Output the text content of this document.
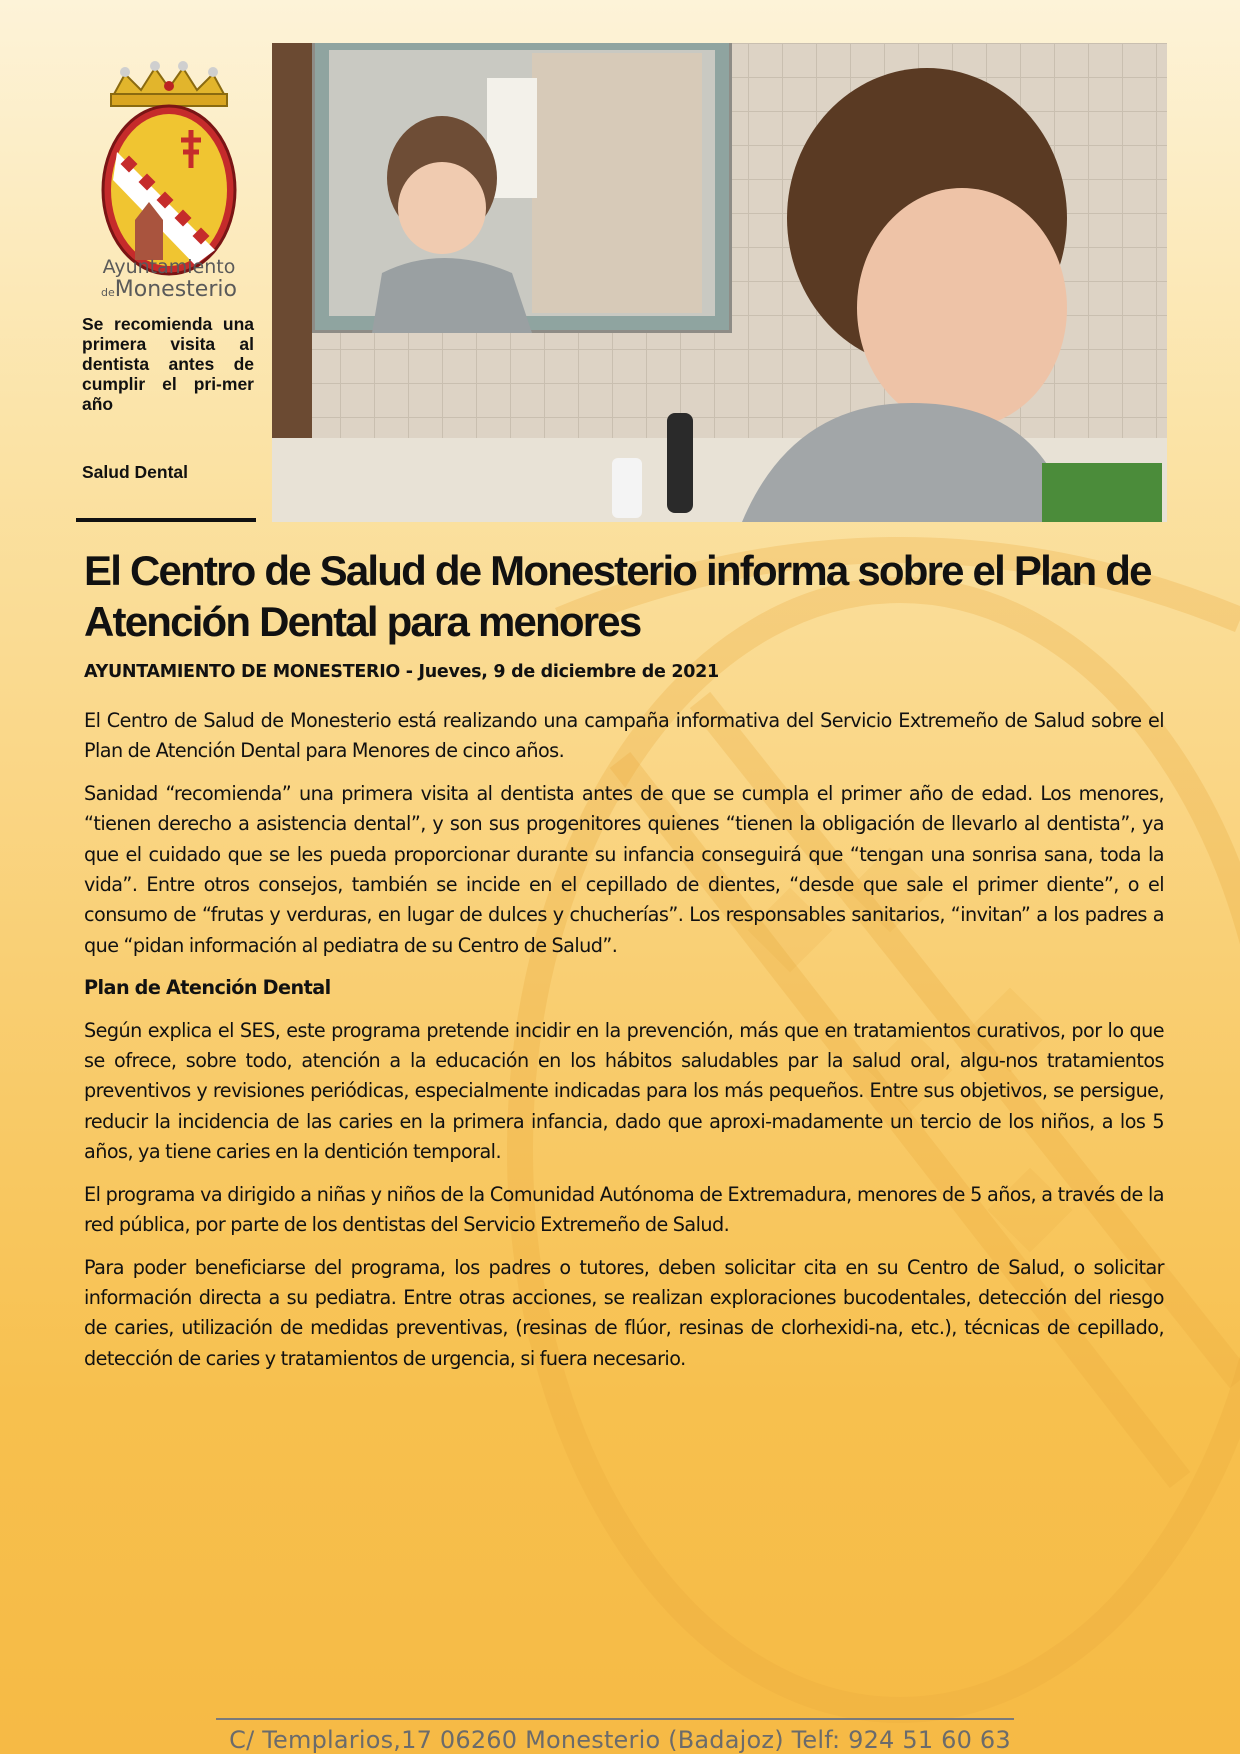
Ayuntamiento
deMonesterio

Se recomienda una primera visita al dentista antes de cumplir el pri-mer año

Salud Dental

El Centro de Salud de Monesterio informa sobre el Plan de Atención Dental para menores

AYUNTAMIENTO DE MONESTERIO - Jueves, 9 de diciembre de 2021

El Centro de Salud de Monesterio está realizando una campaña informativa del Servicio Extremeño de Salud sobre el Plan de Atención Dental para Menores de cinco años.

Sanidad “recomienda” una primera visita al dentista antes de que se cumpla el primer año de edad. Los menores, “tienen derecho a asistencia dental”, y son sus progenitores quienes “tienen la obligación de llevarlo al dentista”, ya que el cuidado que se les pueda proporcionar durante su infancia conseguirá que “tengan una sonrisa sana, toda la vida”. Entre otros consejos, también se incide en el cepillado de dientes, “desde que sale el primer diente”, o el consumo de “frutas y verduras, en lugar de dulces y chucherías”. Los responsables sanitarios, “invitan” a los padres a que “pidan información al pediatra de su Centro de Salud”.

Plan de Atención Dental

Según explica el SES, este programa pretende incidir en la prevención, más que en tratamientos curativos, por lo que se ofrece, sobre todo, atención a la educación en los hábitos saludables par la salud oral, algu-nos tratamientos preventivos y revisiones periódicas, especialmente indicadas para los más pequeños. Entre sus objetivos, se persigue, reducir la incidencia de las caries en la primera infancia, dado que aproxi-madamente un tercio de los niños, a los 5 años, ya tiene caries en la dentición temporal.

El programa va dirigido a niñas y niños de la Comunidad Autónoma de Extremadura, menores de 5 años, a través de la red pública, por parte de los dentistas del Servicio Extremeño de Salud.

Para poder beneficiarse del programa, los padres o tutores, deben solicitar cita en su Centro de Salud, o solicitar información directa a su pediatra. Entre otras acciones, se realizan exploraciones bucodentales, detección del riesgo de caries, utilización de medidas preventivas, (resinas de flúor, resinas de clorhexidi-na, etc.), técnicas de cepillado, detección de caries y tratamientos de urgencia, si fuera necesario.

C/ Templarios,17 06260 Monesterio (Badajoz) Telf: 924 51 60 63
